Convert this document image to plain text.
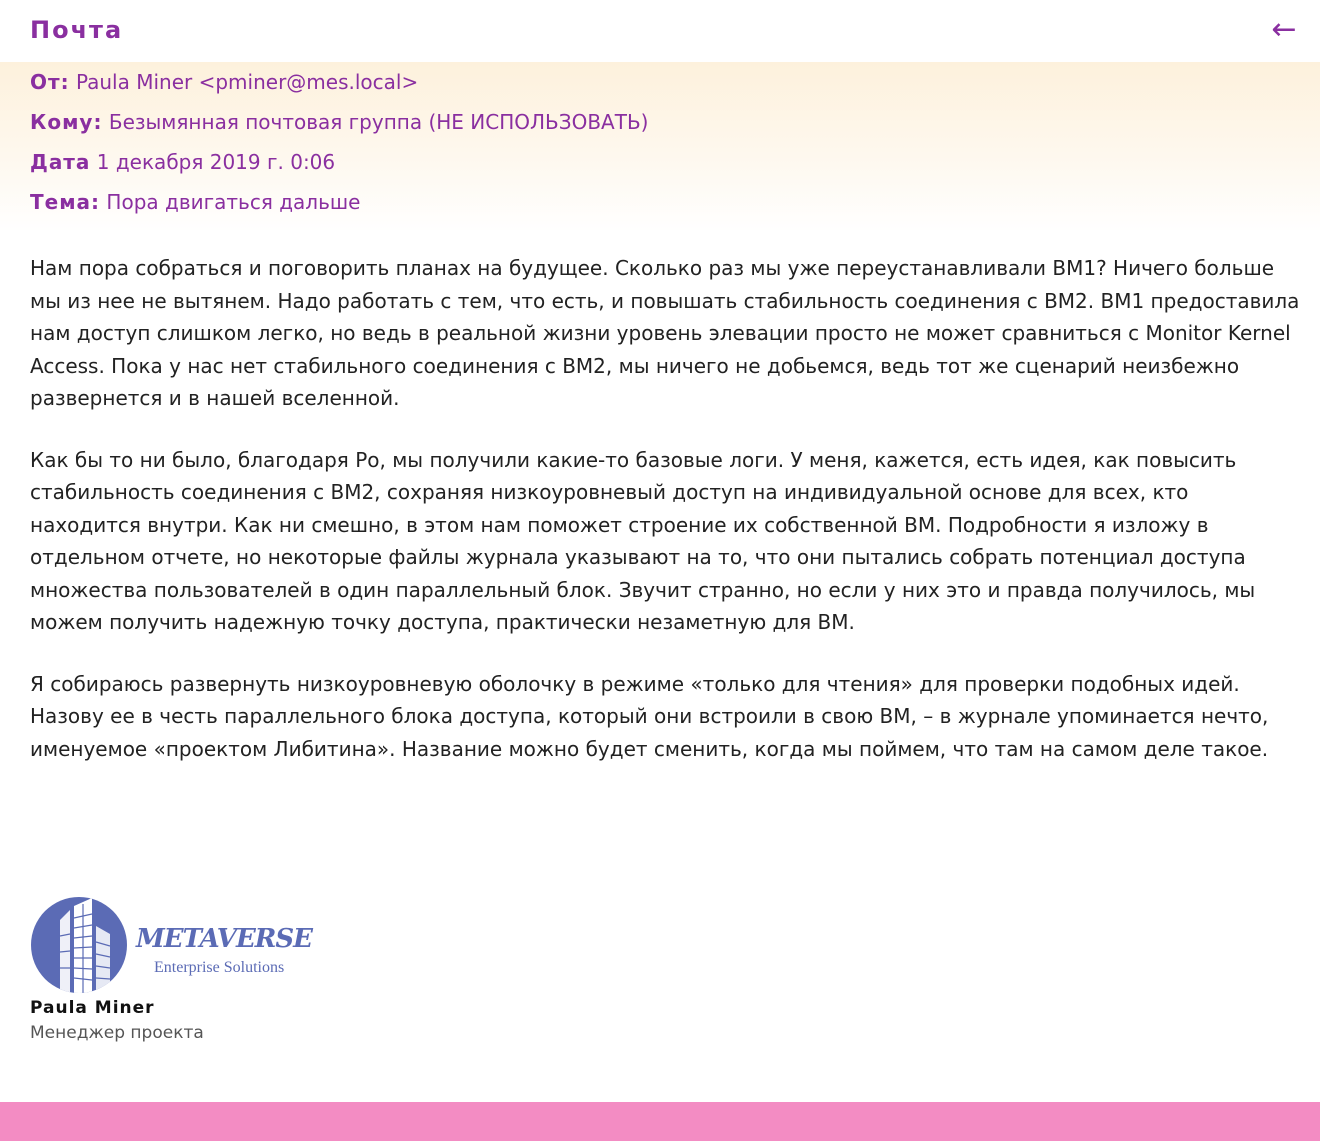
Почта	←
От: Paula Miner <pminer@mes.local>
Кому: Безымянная почтовая группа (НЕ ИСПОЛЬЗОВАТЬ)
Дата 1 декабря 2019 г. 0:06
Тема: Пора двигаться дальше

Нам пора собраться и поговорить планах на будущее. Сколько раз мы уже переустанавливали ВМ1? Ничего больше мы из нее не вытянем. Надо работать с тем, что есть, и повышать стабильность соединения с ВМ2. ВМ1 предоставила нам доступ слишком легко, но ведь в реальной жизни уровень элевации просто не может сравниться с Monitor Kernel Access. Пока у нас нет стабильного соединения с ВМ2, мы ничего не добьемся, ведь тот же сценарий неизбежно развернется и в нашей вселенной.

Как бы то ни было, благодаря Ро, мы получили какие-то базовые логи. У меня, кажется, есть идея, как повысить стабильность соединения с ВМ2, сохраняя низкоуровневый доступ на индивидуальной основе для всех, кто находится внутри. Как ни смешно, в этом нам поможет строение их собственной ВМ. Подробности я изложу в отдельном отчете, но некоторые файлы журнала указывают на то, что они пытались собрать потенциал доступа множества пользователей в один параллельный блок. Звучит странно, но если у них это и правда получилось, мы можем получить надежную точку доступа, практически незаметную для ВМ.

Я собираюсь развернуть низкоуровневую оболочку в режиме «только для чтения» для проверки подобных идей. Назову ее в честь параллельного блока доступа, который они встроили в свою ВМ, – в журнале упоминается нечто, именуемое «проектом Либитина». Название можно будет сменить, когда мы поймем, что там на самом деле такое.

METAVERSE
Enterprise Solutions
Paula Miner
Менеджер проекта
